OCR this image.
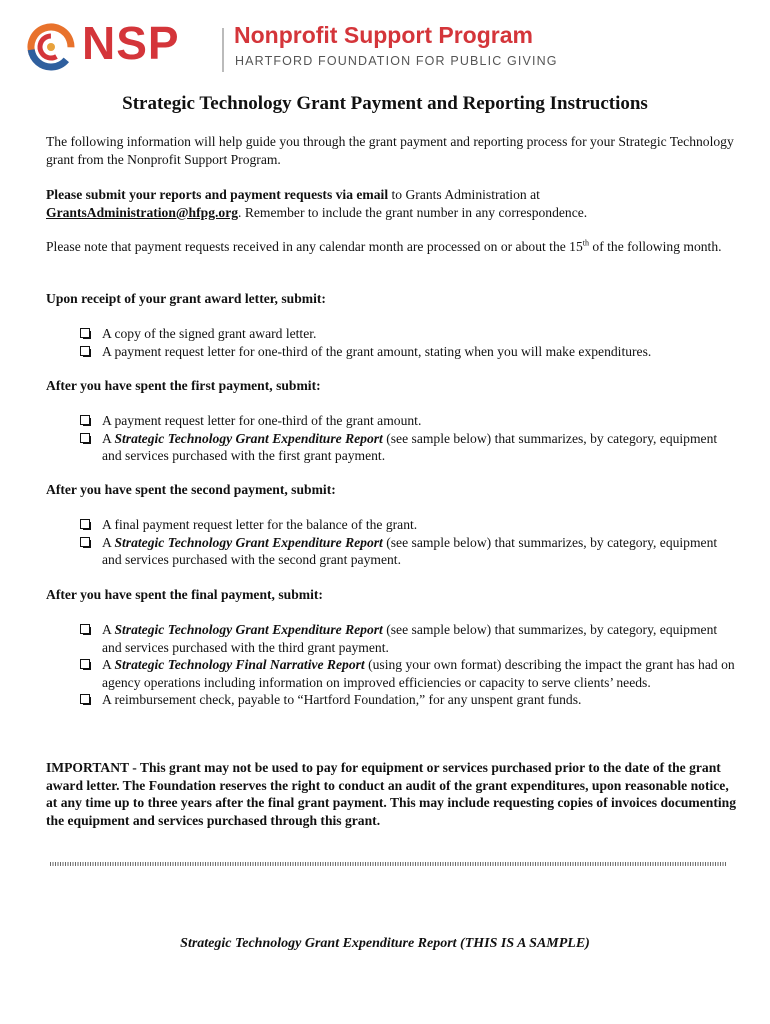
NSP Nonprofit Support Program
HARTFORD FOUNDATION FOR PUBLIC GIVING
Strategic Technology Grant Payment and Reporting Instructions
The following information will help guide you through the grant payment and reporting process for your Strategic Technology grant from the Nonprofit Support Program.
Please submit your reports and payment requests via email to Grants Administration at GrantsAdministration@hfpg.org. Remember to include the grant number in any correspondence.
Please note that payment requests received in any calendar month are processed on or about the 15th of the following month.
Upon receipt of your grant award letter, submit:
A copy of the signed grant award letter.
A payment request letter for one-third of the grant amount, stating when you will make expenditures.
After you have spent the first payment, submit:
A payment request letter for one-third of the grant amount.
A Strategic Technology Grant Expenditure Report (see sample below) that summarizes, by category, equipment and services purchased with the first grant payment.
After you have spent the second payment, submit:
A final payment request letter for the balance of the grant.
A Strategic Technology Grant Expenditure Report (see sample below) that summarizes, by category, equipment and services purchased with the second grant payment.
After you have spent the final payment, submit:
A Strategic Technology Grant Expenditure Report (see sample below) that summarizes, by category, equipment and services purchased with the third grant payment.
A Strategic Technology Final Narrative Report (using your own format) describing the impact the grant has had on agency operations including information on improved efficiencies or capacity to serve clients’ needs.
A reimbursement check, payable to “Hartford Foundation,” for any unspent grant funds.
IMPORTANT - This grant may not be used to pay for equipment or services purchased prior to the date of the grant award letter. The Foundation reserves the right to conduct an audit of the grant expenditures, upon reasonable notice, at any time up to three years after the final grant payment. This may include requesting copies of invoices documenting the equipment and services purchased through this grant.
Strategic Technology Grant Expenditure Report (THIS IS A SAMPLE)
